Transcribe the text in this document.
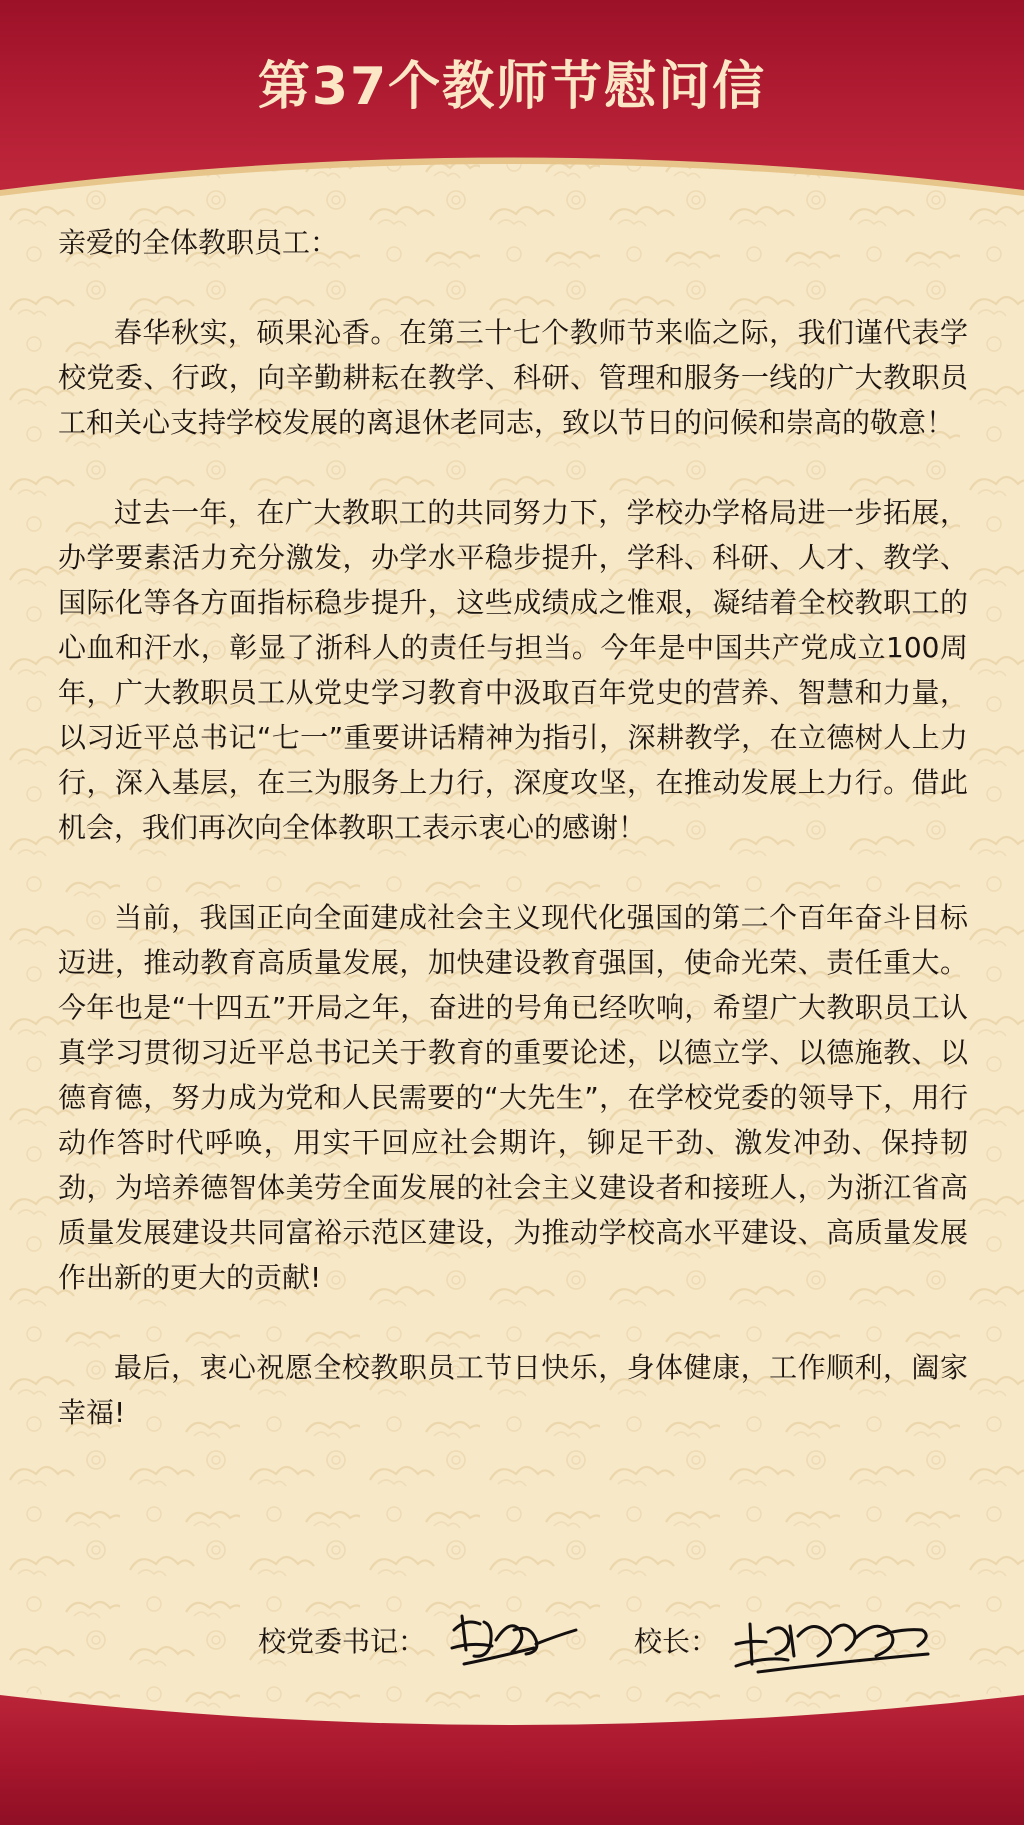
第37个教师节慰问信

亲爱的全体教职员工：

春华秋实，硕果沁香。在第三十七个教师节来临之际，我们谨代表学校党委、行政，向辛勤耕耘在教学、科研、管理和服务一线的广大教职员工和关心支持学校发展的离退休老同志，致以节日的问候和崇高的敬意！

过去一年，在广大教职工的共同努力下，学校办学格局进一步拓展，办学要素活力充分激发，办学水平稳步提升，学科、科研、人才、教学、国际化等各方面指标稳步提升，这些成绩成之惟艰，凝结着全校教职工的心血和汗水，彰显了浙科人的责任与担当。今年是中国共产党成立100周年，广大教职员工从党史学习教育中汲取百年党史的营养、智慧和力量，以习近平总书记“七一”重要讲话精神为指引，深耕教学，在立德树人上力行，深入基层，在三为服务上力行，深度攻坚，在推动发展上力行。借此机会，我们再次向全体教职工表示衷心的感谢！

当前，我国正向全面建成社会主义现代化强国的第二个百年奋斗目标迈进，推动教育高质量发展，加快建设教育强国，使命光荣、责任重大。今年也是“十四五”开局之年，奋进的号角已经吹响，希望广大教职员工认真学习贯彻习近平总书记关于教育的重要论述，以德立学、以德施教、以德育德，努力成为党和人民需要的“大先生”，在学校党委的领导下，用行动作答时代呼唤，用实干回应社会期许，铆足干劲、激发冲劲、保持韧劲，为培养德智体美劳全面发展的社会主义建设者和接班人，为浙江省高质量发展建设共同富裕示范区建设，为推动学校高水平建设、高质量发展作出新的更大的贡献!

最后，衷心祝愿全校教职员工节日快乐，身体健康，工作顺利，阖家幸福!

校党委书记：	校长：
